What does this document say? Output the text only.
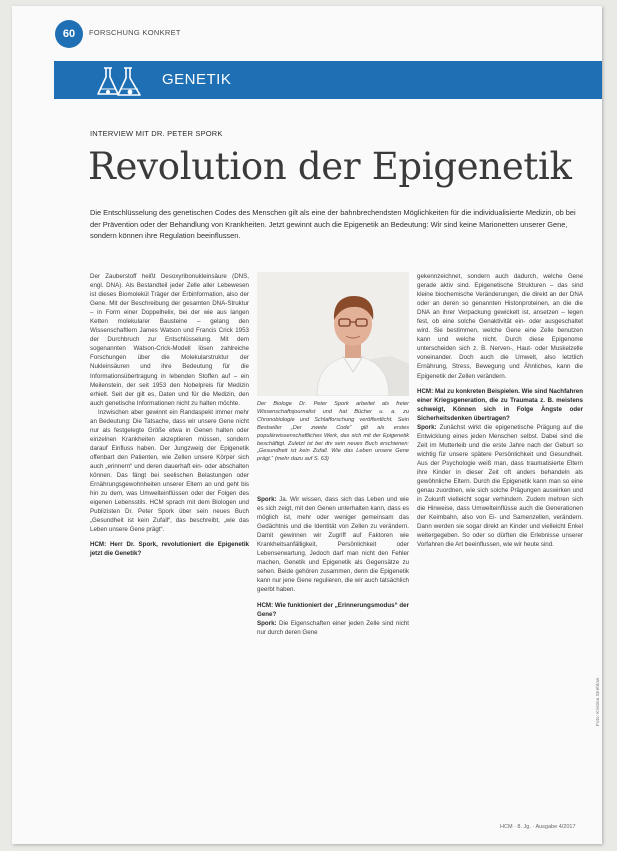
60	FORSCHUNG KONKRET
GENETIK
INTERVIEW MIT DR. PETER SPORK
Revolution der Epigenetik
Die Entschlüsselung des genetischen Codes des Menschen gilt als eine der bahnbrechendsten Möglichkeiten für die individualisierte Medizin, ob bei der Prävention oder der Behandlung von Krankheiten. Jetzt gewinnt auch die Epigenetik an Bedeutung: Wir sind keine Marionetten unserer Gene, sondern können ihre Regulation beeinflussen.

Der Zauberstoff heißt Desoxyribonukleinsäure (DNS, engl. DNA). Als Bestandteil jeder Zelle aller Lebewesen ist dieses Biomolekül Träger der Erbinformation, also der Gene. Mit der Beschreibung der gesamten DNA-Struktur – in Form einer Doppelhelix, bei der wie aus langen Ketten molekularer Bausteine – gelang den Wissenschaftlern James Watson und Francis Crick 1953 der Durchbruch zur Entschlüsselung. Mit dem sogenannten Watson-Crick-Modell lösen zahlreiche Forschungen über die Molekularstruktur der Nukleinsäuren und ihre Bedeutung für die Informationsübertragung in lebenden Stoffen auf – ein Meilenstein, der seit 1953 den Nobelpreis für Medizin erhielt. Seit der gilt es, Daten und für die Medizin, den auch genetische Informationen nicht zu halten möchte.

Inzwischen aber gewinnt ein Randaspekt immer mehr an Bedeutung: Die Tatsache, dass wir unsere Gene nicht nur als festgelegte Größe etwa in Genen halten oder einzelnen Krankheiten akzeptieren müssen, sondern darauf Einfluss haben. Der Jungzweig der Epigenetik offenbart den Patienten, wie Zellen unsere Körper sich auch „erinnern“ und deren dauerhaft ein- oder abschalten können. Das fängt bei seelischen Belastungen oder Ernährungsgewohnheiten unserer Eltern an und geht bis hin zu dem, was Umwelteinflüssen oder der Folgen des eigenen Lebensstils. HCM sprach mit dem Biologen und Publizisten Dr. Peter Spork über sein neues Buch „Gesundheit ist kein Zufall“, das beschreibt, „wie das Leben unsere Gene prägt“.

HCM: Herr Dr. Spork, revolutioniert die Epigenetik jetzt die Genetik?

Der Biologe Dr. Peter Spork arbeitet als freier Wissenschaftsjournalist und hat Bücher u. a. zu Chronobiologie und Schlafforschung veröffentlicht. Sein Bestseller „Der zweite Code“ gilt als erstes populärwissenschaftliches Werk, das sich mit der Epigenetik beschäftigt. Zuletzt ist bei dtv sein neues Buch erschienen: „Gesundheit ist kein Zufall. Wie das Leben unsere Gene prägt.“ (mehr dazu auf S. 63)

Spork: Ja. Wir wissen, dass sich das Leben und wie es sich zeigt, mit den Genen unterhalten kann, dass es möglich ist, mehr oder weniger gemeinsam das Gedächtnis und die Identität von Zellen zu verändern. Damit gewinnen wir Zugriff auf Faktoren wie Krankheitsanfälligkeit, Persönlichkeit oder Lebenserwartung. Jedoch darf man nicht den Fehler machen, Genetik und Epigenetik als Gegensätze zu sehen. Beide gehören zusammen, denn die Epigenetik kann nur jene Gene regulieren, die wir auch tatsächlich geerbt haben.

HCM: Wie funktioniert der „Erinnerungsmodus“ der Gene?

Spork: Die Eigenschaften einer jeden Zelle sind nicht nur durch deren Gene

gekennzeichnet, sondern auch dadurch, welche Gene gerade aktiv sind. Epigenetische Strukturen – das sind kleine biochemische Veränderungen, die direkt an der DNA oder an deren so genannten Histonproteinen, an die die DNA an ihrer Verpackung gewickelt ist, ansetzen – legen fest, ob eine solche Genaktivität ein- oder ausgeschaltet wird. Sie bestimmen, welche Gene eine Zelle benutzen kann und welche nicht. Durch diese Epigenome unterscheiden sich z. B. Nerven-, Haut- oder Muskelzelle voneinander. Doch auch die Umwelt, also letztlich Ernährung, Stress, Bewegung und Ähnliches, kann die Epigenetik der Zellen verändern.

HCM: Mal zu konkreten Beispielen. Wie sind Nachfahren einer Kriegsgeneration, die zu Traumata z. B. meistens schweigt, Können sich in Folge Ängste oder Sicherheitsdenken übertragen?

Spork: Zunächst wirkt die epigenetische Prägung auf die Entwicklung eines jeden Menschen selbst. Dabei sind die Zeit im Mutterleib und die erste Jahre nach der Geburt so wichtig für unsere spätere Persönlichkeit und Gesundheit. Aus der Psychologie weiß man, dass traumatisierte Eltern ihre Kinder in dieser Zeit oft anders behandeln als gewöhnliche Eltern. Durch die Epigenetik kann man so eine genau zuordnen, wie sich solche Prägungen auswirken und in Zukunft vielleicht sogar verhindern. Zudem mehren sich die Hinweise, dass Umwelteinflüsse auch die Generationen der Keimbahn, also von Ei- und Samenzellen, verändern. Dann werden sie sogar direkt an Kinder und vielleicht Enkel weitergegeben. So oder so dürften die Erlebnisse unserer Vorfahren die Art beeinflussen, wie wir heute sind.

HCM · 8. Jg. · Ausgabe 4/2017
Foto: Kristina Strehlow
